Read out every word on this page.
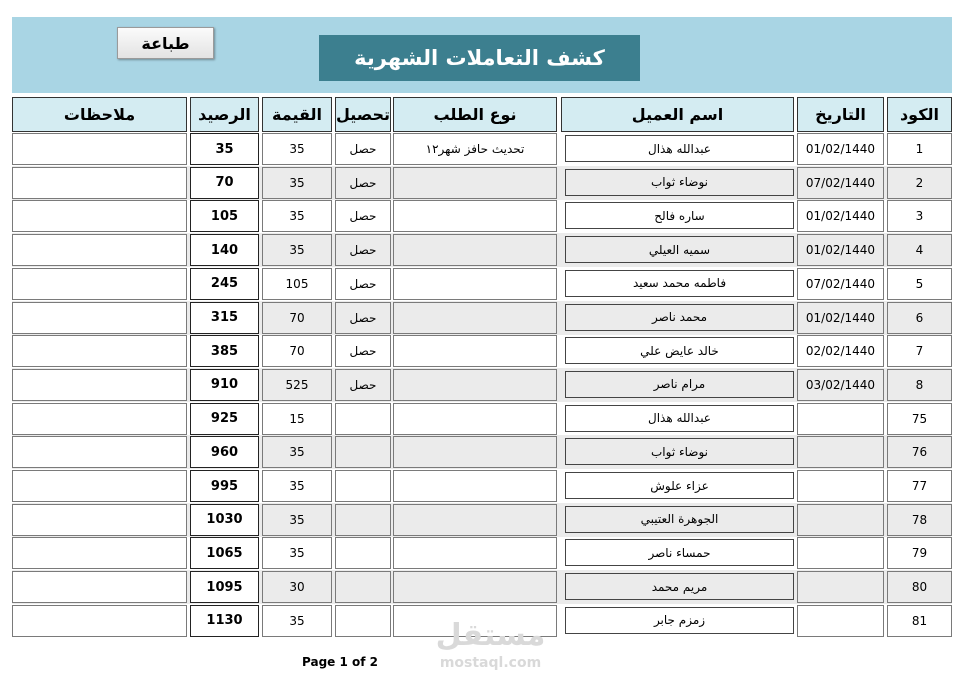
طباعة
كشف التعاملات الشهرية
الكود
التاريخ
اسم العميل
نوع الطلب
تحصيل
القيمة
الرصيد
ملاحظات
1
01/02/1440
عبدالله هذال
تحديث حافز شهر١٢
حصل
35
35
2
07/02/1440
نوضاء ثواب
حصل
35
70
3
01/02/1440
ساره فالح
حصل
35
105
4
01/02/1440
سميه العيلي
حصل
35
140
5
07/02/1440
فاطمه محمد سعيد
حصل
105
245
6
01/02/1440
محمد ناصر
حصل
70
315
7
02/02/1440
خالد عايض علي
حصل
70
385
8
03/02/1440
مرام ناصر
حصل
525
910
75
عبدالله هذال
15
925
76
نوضاء ثواب
35
960
77
عزاء علوش
35
995
78
الجوهرة العتيبي
35
1030
79
حمساء ناصر
35
1065
80
مريم محمد
30
1095
81
زمزم جابر
35
1130
Page 1 of 2
مستقل
mostaql.com
